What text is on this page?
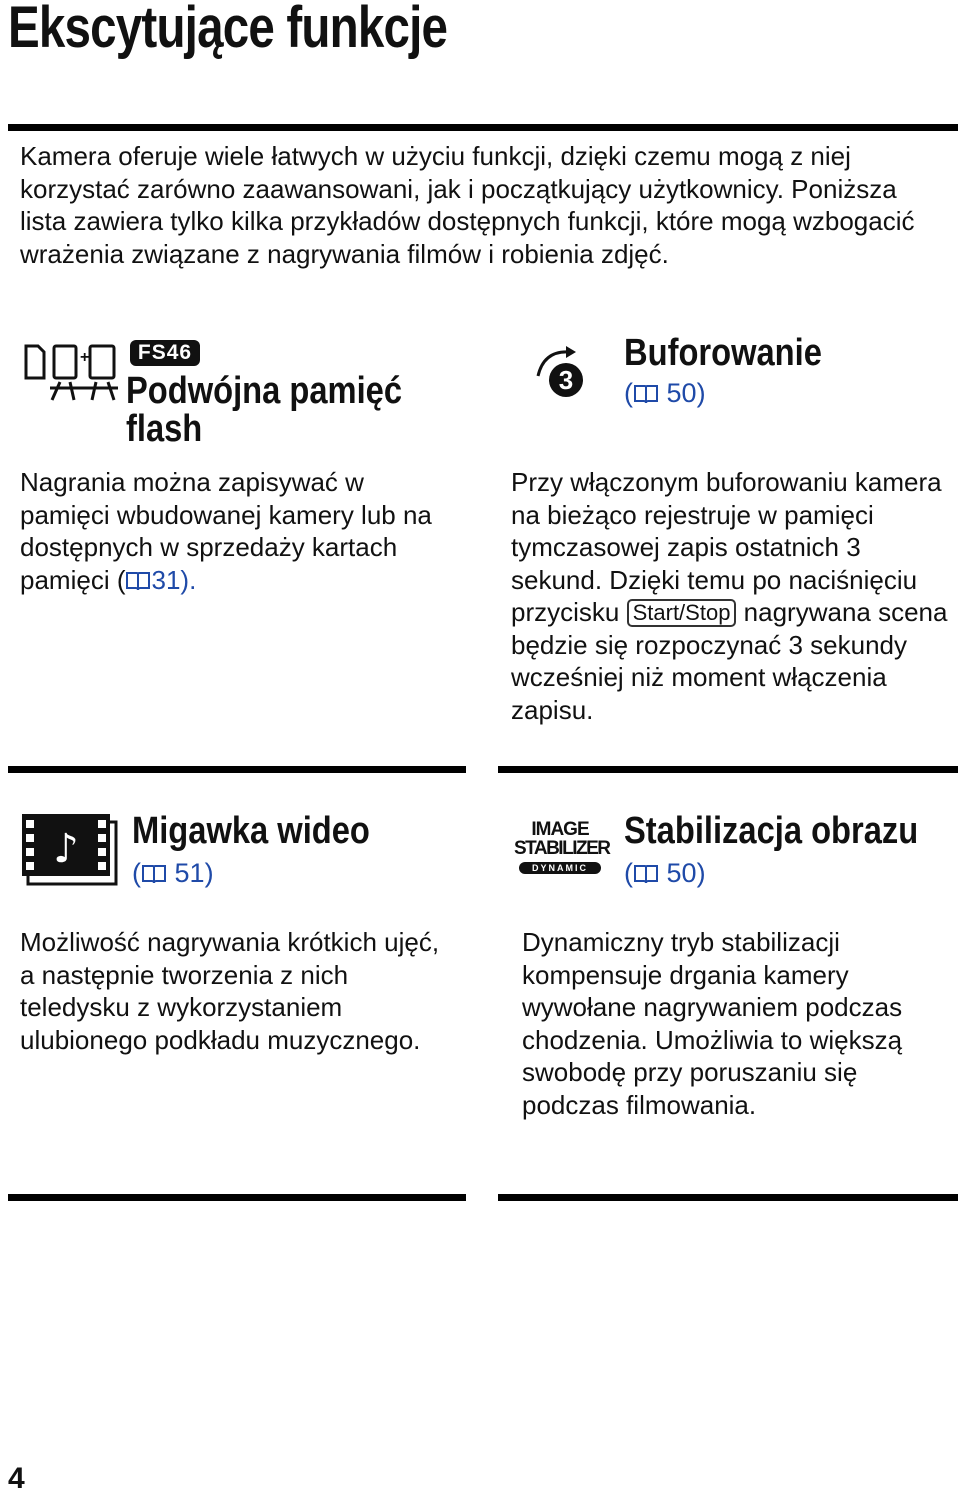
Ekscytujące funkcje
Kamera oferuje wiele łatwych w użyciu funkcji, dzięki czemu mogą z niej korzystać zarówno zaawansowani, jak i początkujący użytkownicy. Poniższa lista zawiera tylko kilka przykładów dostępnych funkcji, które mogą wzbogacić wrażenia związane z nagrywania filmów i robienia zdjęć.
+	FS46
Podwójna pamięć
flash
Nagrania można zapisywać w pamięci wbudowanej kamery lub na dostępnych w sprzedaży kartach pamięci ( 31).
3
Buforowanie
( 50)
Przy włączonym buforowaniu kamera na bieżąco rejestruje w pamięci tymczasowej zapis ostatnich 3 sekund. Dzięki temu po naciśnięciu przycisku Start/Stop nagrywana scena będzie się rozpoczynać 3 sekundy wcześniej niż moment włączenia zapisu.
♪ Migawka wideo
( 51)
Możliwość nagrywania krótkich ujęć, a następnie tworzenia z nich teledysku z wykorzystaniem ulubionego podkładu muzycznego.
IMAGE
STABILIZER
DYNAMIC
Stabilizacja obrazu
( 50)
Dynamiczny tryb stabilizacji kompensuje drgania kamery wywołane nagrywaniem podczas chodzenia. Umożliwia to większą swobodę przy poruszaniu się podczas filmowania.
4
